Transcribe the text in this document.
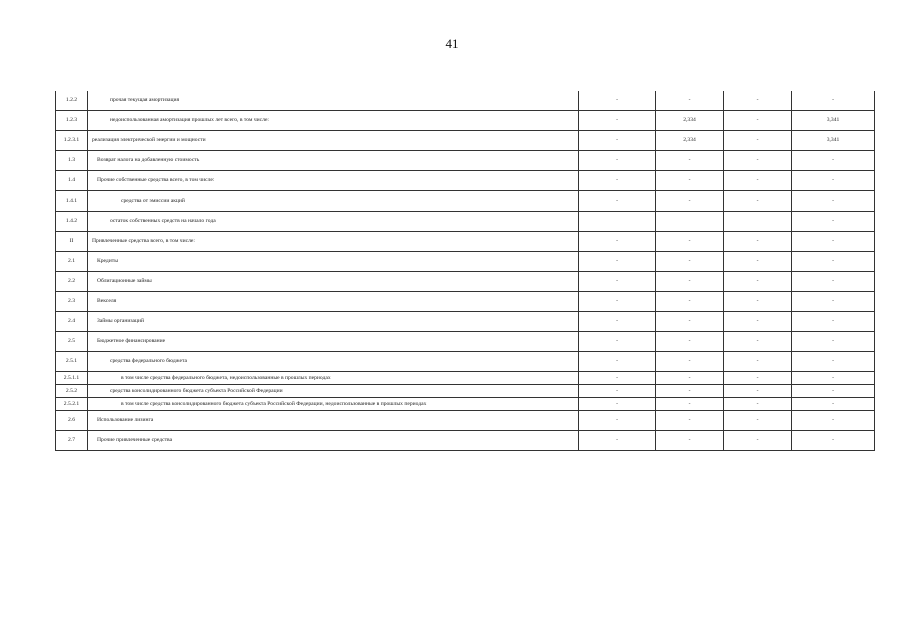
41
1.2.2	прочая текущая амортизация	-	-	-	-
1.2.3	недоиспользованная амортизация прошлых лет всего, в том числе:	-	2,334	-	3,341
1.2.3.1	реализация электрической энергии и мощности	-	2,334	-	3,341
1.3	Возврат налога на добавленную стоимость	-	-	-	-
1.4	Прочие собственные средства всего, в том числе:	-	-	-	-
1.4.1	средства от эмиссии акций	-	-	-	-
1.4.2	остаток собственных средств на начало года				-
II	Привлеченные средства всего, в том числе:	-	-	-	-
2.1	Кредиты	-	-	-	-
2.2	Облигационные займы	-	-	-	-
2.3	Векселя	-	-	-	-
2.4	Займы организаций	-	-	-	-
2.5	Бюджетное финансирование	-	-	-	-
2.5.1	средства федерального бюджета	-	-	-	-
2.5.1.1	в том числе средства федерального бюджета, недоиспользованные в прошлых периодах	-	-	-	-
2.5.2	средства консолидированного бюджета субъекта Российской Федерации	-	-	-	-
2.5.2.1	в том числе средства консолидированного бюджета субъекта Российской Федерации, недоиспользованные в прошлых периодах	-	-	-	-
2.6	Использование лизинга	-	-	-	-
2.7	Прочие привлеченные средства	-	-	-	-
